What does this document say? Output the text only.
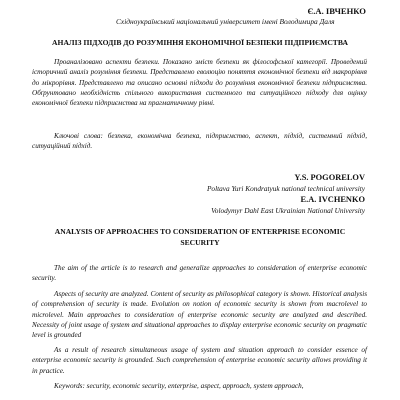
Є.А. ІВЧЕНКО
Східноукраїнський національний університет імені Володимира Даля
АНАЛІЗ ПІДХОДІВ ДО РОЗУМІННЯ ЕКОНОМІЧНОЇ БЕЗПЕКИ ПІДПРИЄМСТВА
Проаналізовано аспекти безпеки. Показано зміст безпеки як філософської категорії. Проведений історичний аналіз розуміння безпеки. Представлено еволюцію поняття економічної безпеки від макрорівня до мікрорівня. Представлено та описано основні підходи до розуміння економічної безпеки підприємства. Обґрунтовано необхідність спільного використання системного та ситуаційного підходу для оцінку економічної безпеки підприємства на прагматичному рівні.
Ключові слова: безпека, економічна безпека, підприємство, аспект, підхід, системний підхід, ситуаційний підхід.
Y.S. POGORELOV
Poltava Yuri Kondratyuk national technical university
E.A. IVCHENKO
Volodymyr Dahl East Ukrainian National University
ANALYSIS OF APPROACHES TO CONSIDERATION OF ENTERPRISE ECONOMIC
SECURITY
The aim of the article is to research and generalize approaches to consideration of enterprise economic security.
Aspects of security are analyzed. Content of security as philosophical category is shown. Historical analysis of comprehension of security is made. Evolution on notion of economic security is shown from macrolevel to microlevel. Main approaches to consideration of enterprise economic security are analyzed and described. Necessity of joint usage of system and situational approaches to display enterprise economic security on pragmatic level is grounded
As a result of research simultaneous usage of system and situation approach to consider essence of enterprise economic security is grounded. Such comprehension of enterprise economic security allows providing it in practice.
Keywords: security, economic security, enterprise, aspect, approach, system approach,
